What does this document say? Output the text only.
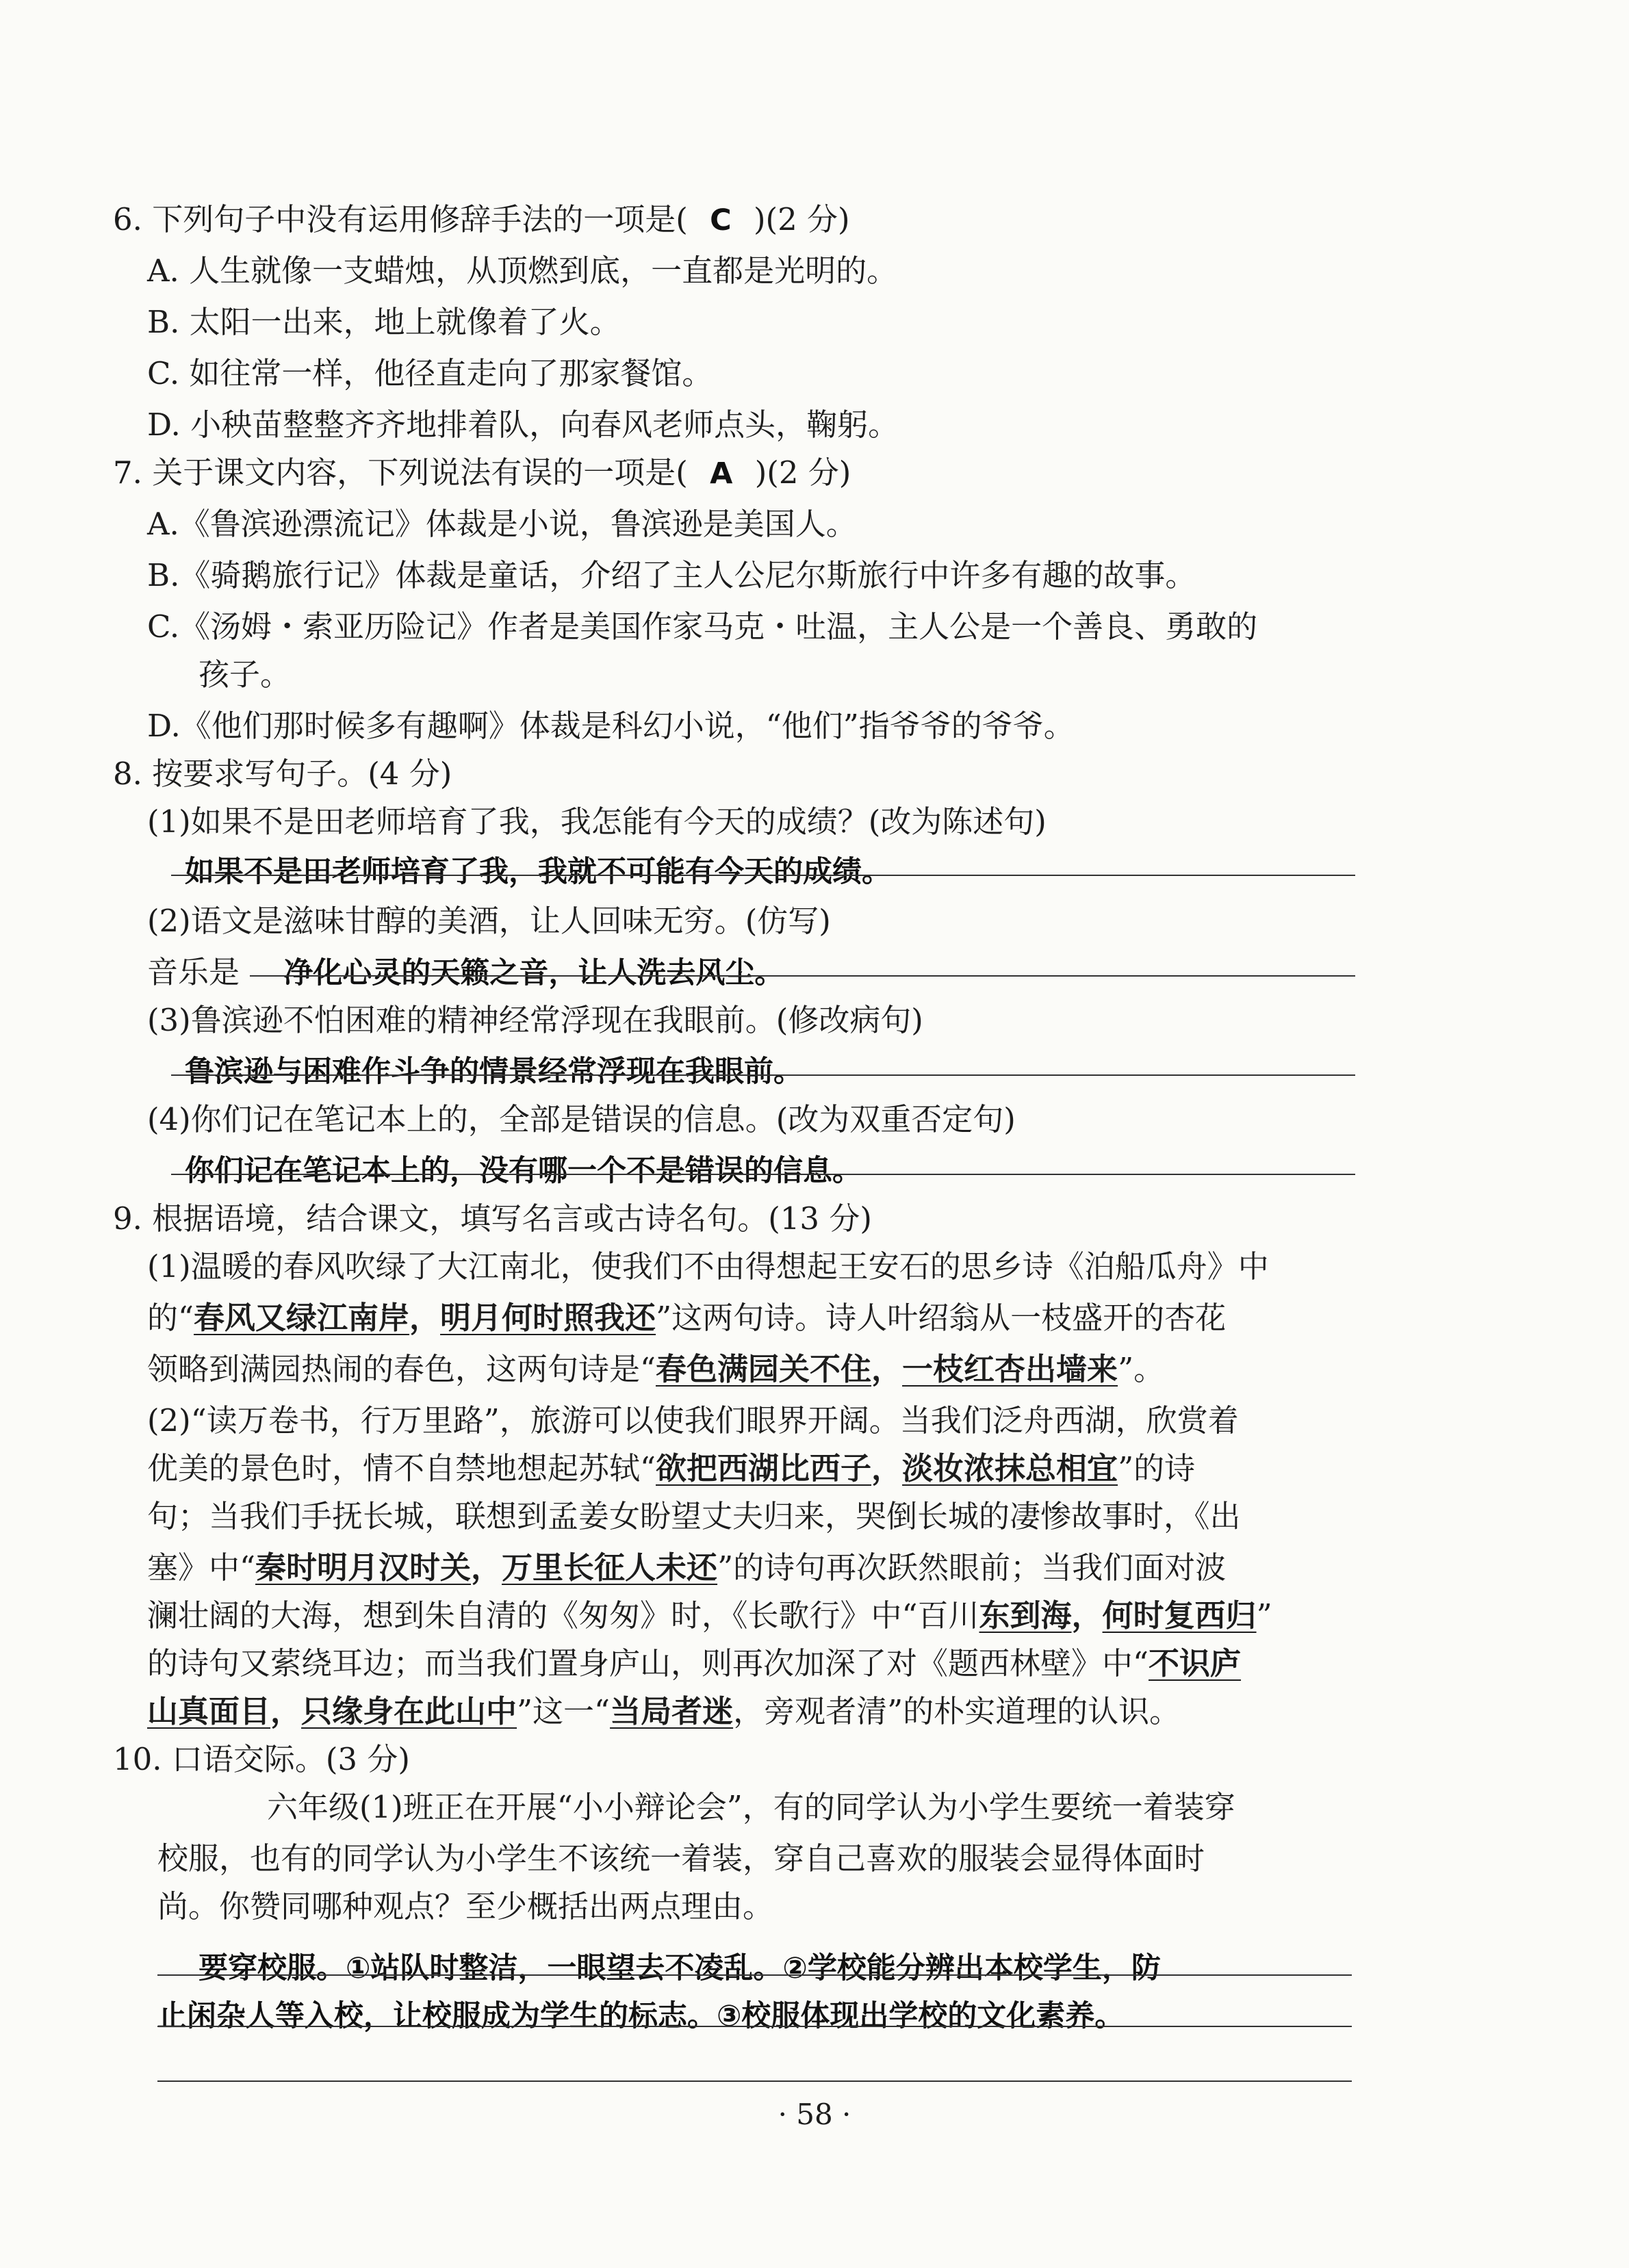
6. 下列句子中没有运用修辞手法的一项是( C )(2 分)
A. 人生就像一支蜡烛，从顶燃到底，一直都是光明的。
B. 太阳一出来，地上就像着了火。
C. 如往常一样，他径直走向了那家餐馆。
D. 小秧苗整整齐齐地排着队，向春风老师点头，鞠躬。
7. 关于课文内容，下列说法有误的一项是( A )(2 分)
A.《鲁滨逊漂流记》体裁是小说，鲁滨逊是美国人。
B.《骑鹅旅行记》体裁是童话，介绍了主人公尼尔斯旅行中许多有趣的故事。
C.《汤姆・索亚历险记》作者是美国作家马克・吐温，主人公是一个善良、勇敢的
孩子。
D.《他们那时候多有趣啊》体裁是科幻小说，“他们”指爷爷的爷爷。
8. 按要求写句子。(4 分)
(1)如果不是田老师培育了我，我怎能有今天的成绩？(改为陈述句)
如果不是田老师培育了我，我就不可能有今天的成绩。
(2)语文是滋味甘醇的美酒，让人回味无穷。(仿写)
音乐是 净化心灵的天籁之音，让人洗去风尘。
(3)鲁滨逊不怕困难的精神经常浮现在我眼前。(修改病句)
鲁滨逊与困难作斗争的情景经常浮现在我眼前。
(4)你们记在笔记本上的，全部是错误的信息。(改为双重否定句)
你们记在笔记本上的，没有哪一个不是错误的信息。
9. 根据语境，结合课文，填写名言或古诗名句。(13 分)
(1)温暖的春风吹绿了大江南北，使我们不由得想起王安石的思乡诗《泊船瓜舟》中
的“春风又绿江南岸，明月何时照我还”这两句诗。诗人叶绍翁从一枝盛开的杏花
领略到满园热闹的春色，这两句诗是“春色满园关不住，一枝红杏出墙来”。
(2)“读万卷书，行万里路”，旅游可以使我们眼界开阔。当我们泛舟西湖，欣赏着
优美的景色时，情不自禁地想起苏轼“欲把西湖比西子，淡妆浓抹总相宜”的诗
句；当我们手抚长城，联想到孟姜女盼望丈夫归来，哭倒长城的凄惨故事时，《出
塞》中“秦时明月汉时关，万里长征人未还”的诗句再次跃然眼前；当我们面对波
澜壮阔的大海，想到朱自清的《匆匆》时，《长歌行》中“百川东到海，何时复西归”
的诗句又萦绕耳边；而当我们置身庐山，则再次加深了对《题西林壁》中“不识庐
山真面目，只缘身在此山中”这一“当局者迷，旁观者清”的朴实道理的认识。
10. 口语交际。(3 分)
六年级(1)班正在开展“小小辩论会”，有的同学认为小学生要统一着装穿
校服，也有的同学认为小学生不该统一着装，穿自己喜欢的服装会显得体面时
尚。你赞同哪种观点？至少概括出两点理由。
要穿校服。①站队时整洁，一眼望去不凌乱。②学校能分辨出本校学生，防
止闲杂人等入校，让校服成为学生的标志。③校服体现出学校的文化素养。
· 58 ·
